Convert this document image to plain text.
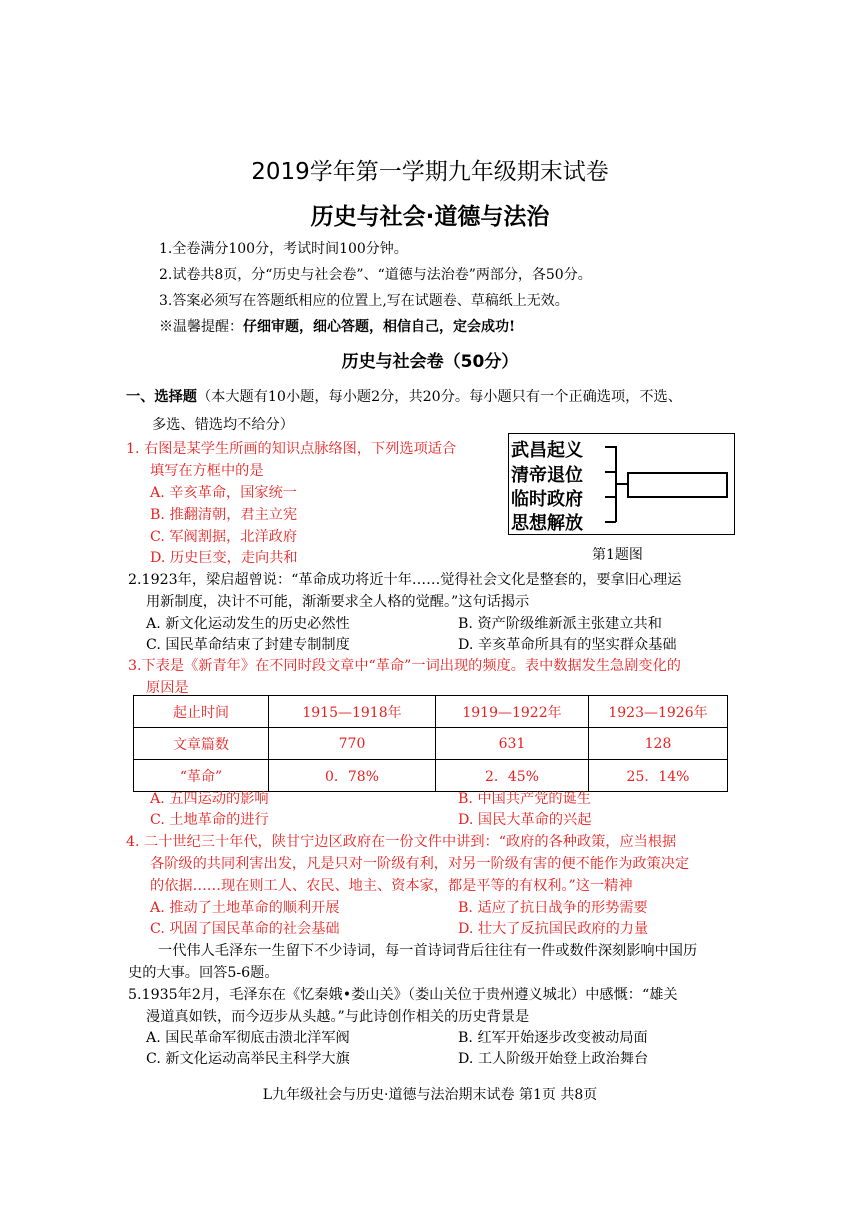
2019学年第一学期九年级期末试卷
历史与社会·道德与法治
1.全卷满分100分，考试时间100分钟。
2.试卷共8页，分“历史与社会卷”、“道德与法治卷”两部分，各50分。
3.答案必须写在答题纸相应的位置上,写在试题卷、草稿纸上无效。
※温馨提醒：仔细审题，细心答题，相信自己，定会成功!
历史与社会卷（50分）
一、选择题（本大题有10小题，每小题2分，共20分。每小题只有一个正确选项，不选、
多选、错选均不给分）
1. 右图是某学生所画的知识点脉络图，下列选项适合
填写在方框中的是
A. 辛亥革命，国家统一
B. 推翻清朝，君主立宪
C. 军阀割据，北洋政府
D. 历史巨变，走向共和
武昌起义
清帝退位
临时政府
思想解放
第1题图
2.1923年，梁启超曾说：“革命成功将近十年……觉得社会文化是整套的，要拿旧心理运
用新制度，决计不可能，渐渐要求全人格的觉醒。”这句话揭示
A. 新文化运动发生的历史必然性	B. 资产阶级维新派主张建立共和
C. 国民革命结束了封建专制制度	D. 辛亥革命所具有的坚实群众基础
3.下表是《新青年》在不同时段文章中“革命”一词出现的频度。表中数据发生急剧变化的
原因是
起止时间	1915—1918年	1919—1922年	1923—1926年
文章篇数	770	631	128
“革命”	0．78%	2．45%	25．14%
A. 五四运动的影响	B. 中国共产党的诞生
C. 土地革命的进行	D. 国民大革命的兴起
4. 二十世纪三十年代，陕甘宁边区政府在一份文件中讲到：“政府的各种政策，应当根据
各阶级的共同利害出发，凡是只对一阶级有利，对另一阶级有害的便不能作为政策决定
的依据……现在则工人、农民、地主、资本家，都是平等的有权利。”这一精神
A. 推动了土地革命的顺利开展	B. 适应了抗日战争的形势需要
C. 巩固了国民革命的社会基础	D. 壮大了反抗国民政府的力量
一代伟人毛泽东一生留下不少诗词，每一首诗词背后往往有一件或数件深刻影响中国历
史的大事。回答5-6题。
5.1935年2月，毛泽东在《忆秦娥•娄山关》（娄山关位于贵州遵义城北）中感慨：“雄关
漫道真如铁，而今迈步从头越。”与此诗创作相关的历史背景是
A. 国民革命军彻底击溃北洋军阀	B. 红军开始逐步改变被动局面
C. 新文化运动高举民主科学大旗	D. 工人阶级开始登上政治舞台
L九年级社会与历史·道德与法治期末试卷 第1页 共8页
